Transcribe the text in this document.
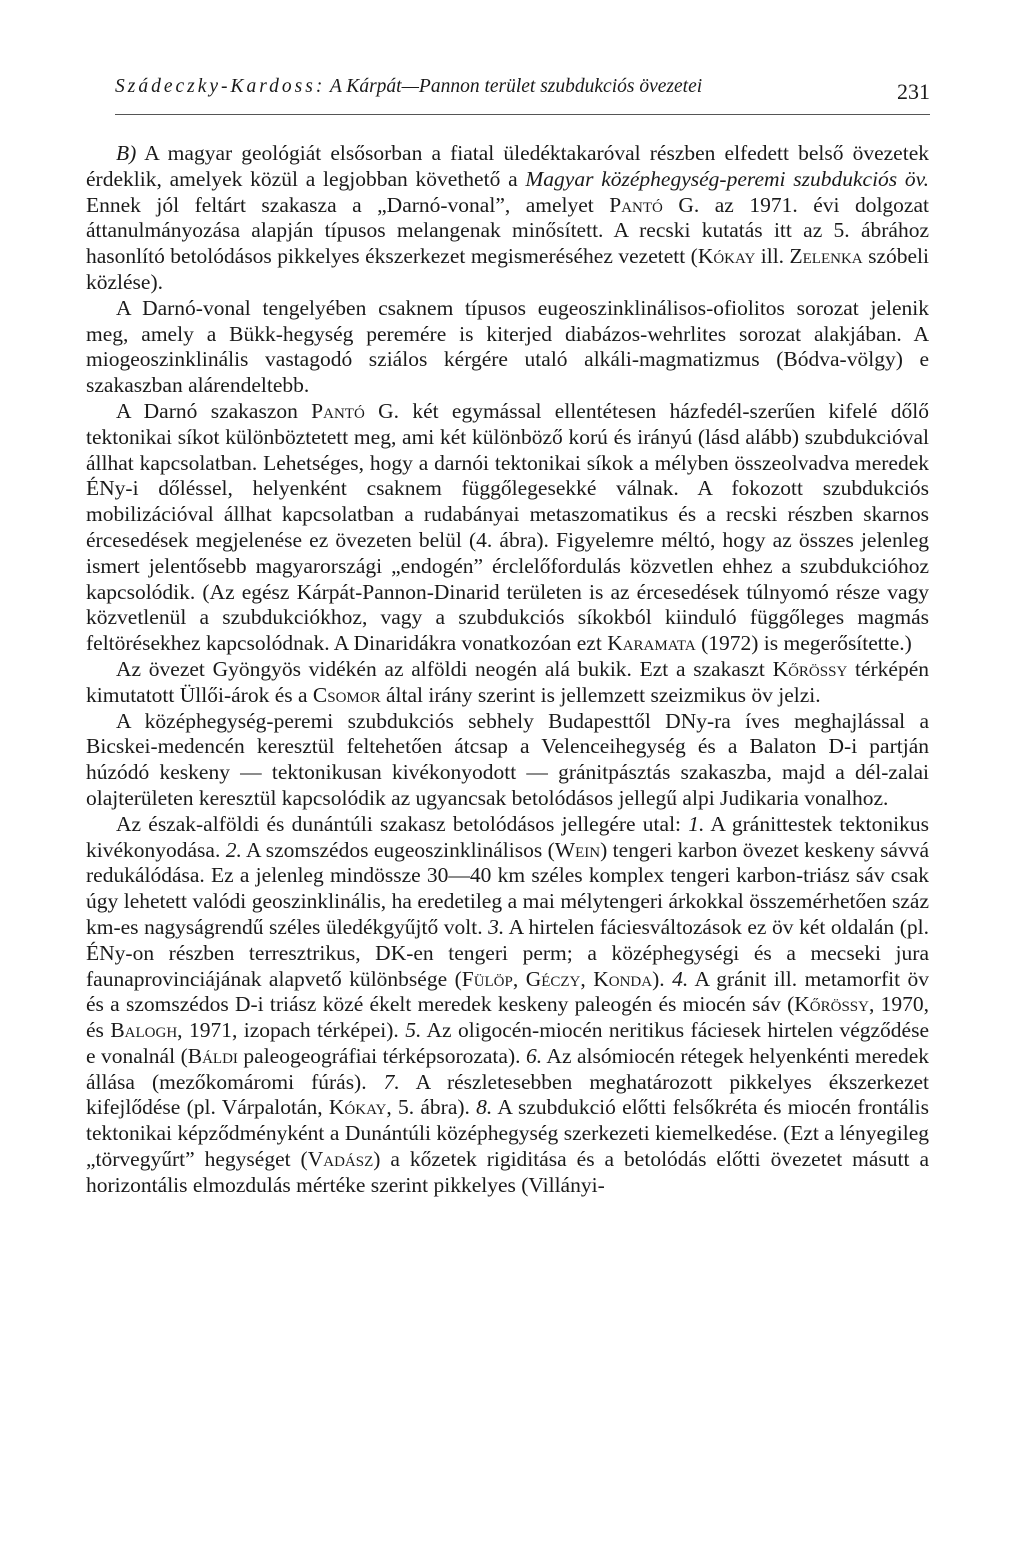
Szádeczky-Kardoss: A Kárpát—Pannon terület szubdukciós övezetei	231

B) A magyar geológiát elsősorban a fiatal üledéktakaróval részben elfedett belső övezetek érdeklik, amelyek közül a legjobban követhető a Magyar középhegység-peremi szubdukciós öv. Ennek jól feltárt szakasza a „Darnó-vonal”, amelyet Pantó G. az 1971. évi dolgozat áttanulmányozása alapján típusos melangenak minősített. A recski kutatás itt az 5. ábrához hasonlító betolódásos pikkelyes ékszerkezet megismeréséhez vezetett (Kókay ill. Zelenka szóbeli közlése).

A Darnó-vonal tengelyében csaknem típusos eugeoszinklinálisos-ofiolitos sorozat jelenik meg, amely a Bükk-hegység peremére is kiterjed diabázos-wehrlites sorozat alakjában. A miogeoszinklinális vastagodó sziálos kérgére utaló alkáli-magmatizmus (Bódva-völgy) e szakaszban alárendeltebb.

A Darnó szakaszon Pantó G. két egymással ellentétesen házfedél-szerűen kifelé dőlő tektonikai síkot különböztetett meg, ami két különböző korú és irányú (lásd alább) szubdukcióval állhat kapcsolatban. Lehetséges, hogy a darnói tektonikai síkok a mélyben összeolvadva meredek ÉNy-i dőléssel, helyenként csaknem függőlegesekké válnak. A fokozott szubdukciós mobilizációval állhat kapcsolatban a rudabányai metaszomatikus és a recski részben skarnos ércesedések megjelenése ez övezeten belül (4. ábra). Figyelemre méltó, hogy az összes jelenleg ismert jelentősebb magyarországi „endogén” érclelőfordulás közvetlen ehhez a szubdukcióhoz kapcsolódik. (Az egész Kárpát-Pannon-Dinarid területen is az ércesedések túlnyomó része vagy közvetlenül a szubdukciókhoz, vagy a szubdukciós síkokból kiinduló függőleges magmás feltörésekhez kapcsolódnak. A Dinaridákra vonatkozóan ezt Karamata (1972) is megerősítette.)

Az övezet Gyöngyös vidékén az alföldi neogén alá bukik. Ezt a szakaszt Kőrössy térképén kimutatott Üllői-árok és a Csomor által irány szerint is jellemzett szeizmikus öv jelzi.

A középhegység-peremi szubdukciós sebhely Budapesttől DNy-ra íves meghajlással a Bicskei-medencén keresztül feltehetően átcsap a Velenceihegység és a Balaton D-i partján húzódó keskeny — tektonikusan kivékonyodott — gránitpásztás szakaszba, majd a dél-zalai olajterületen keresztül kapcsolódik az ugyancsak betolódásos jellegű alpi Judikaria vonalhoz.

Az észak-alföldi és dunántúli szakasz betolódásos jellegére utal: 1. A gránittestek tektonikus kivékonyodása. 2. A szomszédos eugeoszinklinálisos (Wein) tengeri karbon övezet keskeny sávvá redukálódása. Ez a jelenleg mindössze 30—40 km széles komplex tengeri karbon-triász sáv csak úgy lehetett valódi geoszinklinális, ha eredetileg a mai mélytengeri árkokkal összemérhetően száz km-es nagyságrendű széles üledékgyűjtő volt. 3. A hirtelen fáciesváltozások ez öv két oldalán (pl. ÉNy-on részben terresztrikus, DK-en tengeri perm; a középhegységi és a mecseki jura faunaprovinciájának alapvető különbsége (Fülöp, Géczy, Konda). 4. A gránit ill. metamorfit öv és a szomszédos D-i triász közé ékelt meredek keskeny paleogén és miocén sáv (Kőrössy, 1970, és Balogh, 1971, izopach térképei). 5. Az oligocén-miocén neritikus fáciesek hirtelen végződése e vonalnál (Báldi paleogeográfiai térképsorozata). 6. Az alsómiocén rétegek helyenkénti meredek állása (mezőkomáromi fúrás). 7. A részletesebben meghatározott pikkelyes ékszerkezet kifejlődése (pl. Várpalotán, Kókay, 5. ábra). 8. A szubdukció előtti felsőkréta és miocén frontális tektonikai képződményként a Dunántúli középhegység szerkezeti kiemelkedése. (Ezt a lényegileg „törvegyűrt” hegységet (Vadász) a kőzetek rigiditása és a betolódás előtti övezetet másutt a horizontális elmozdulás mértéke szerint pikkelyes (Villányi-
